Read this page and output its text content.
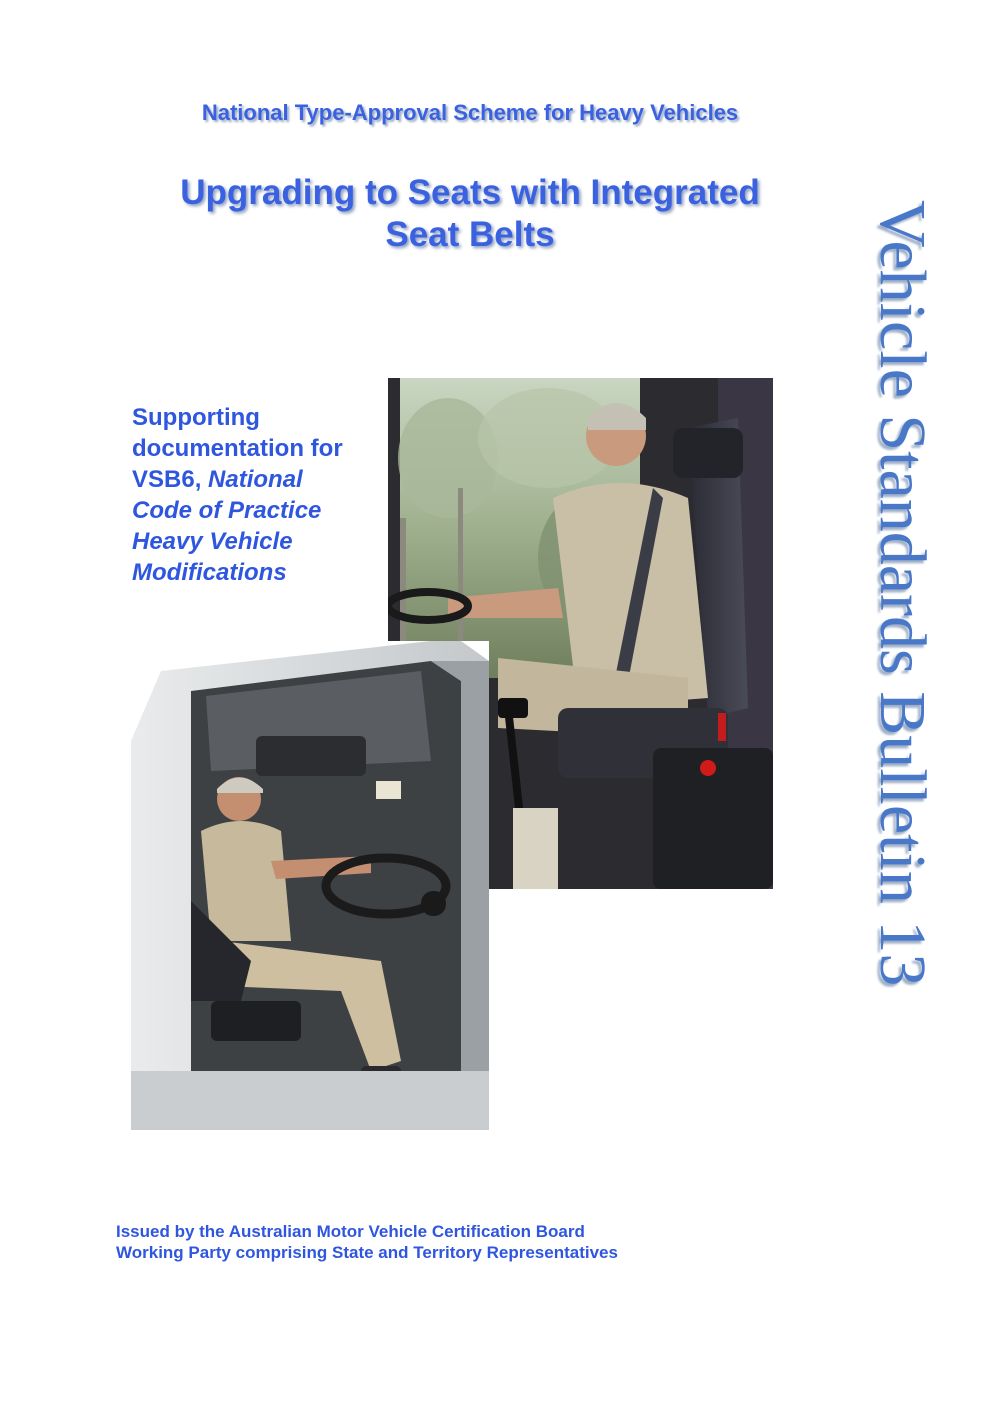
National Type-Approval Scheme for Heavy Vehicles
Upgrading to Seats with Integrated
Seat Belts
Supporting
documentation for
VSB6, National
Code of Practice
Heavy Vehicle
Modifications	Vehicle Standards Bulletin 13
Issued by the Australian Motor Vehicle Certification Board
Working Party comprising State and Territory Representatives
